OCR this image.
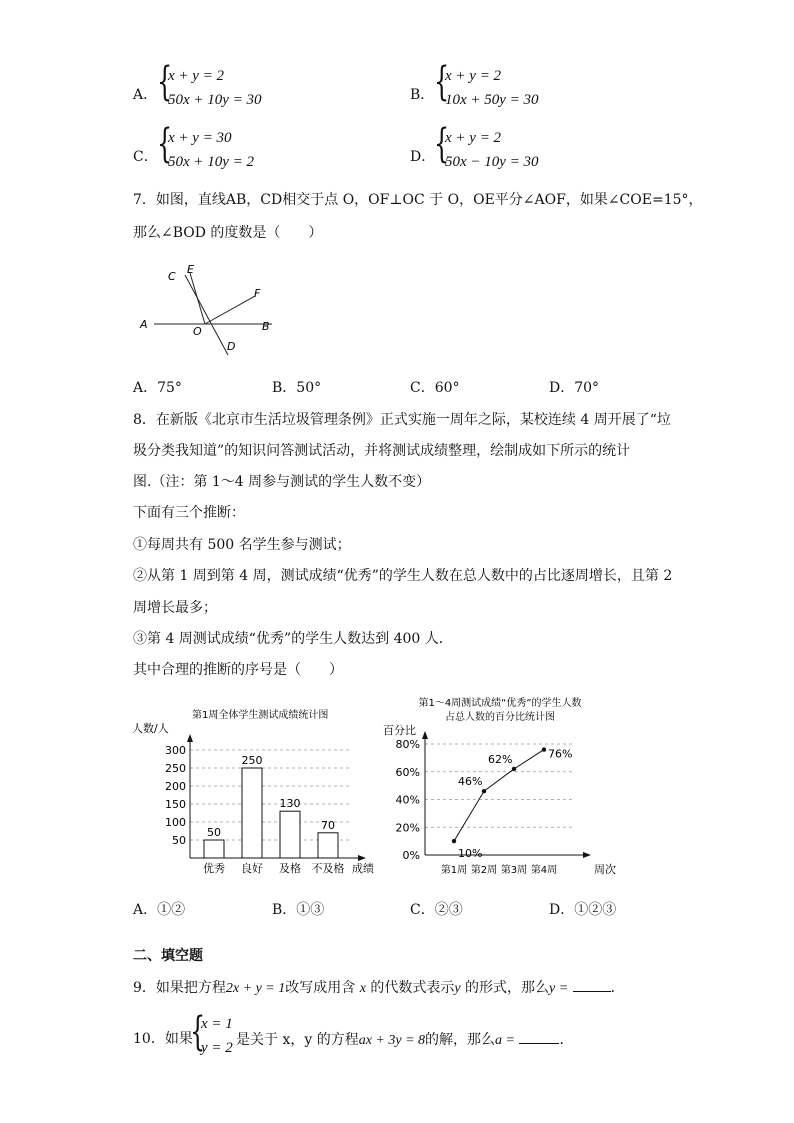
A． {
x + y = 2
50x + 10y = 30	B． {
x + y = 2
10x + 50y = 30
C． {
x + y = 30
50x + 10y = 2	D．
{
x + y = 2
50x − 10y = 30
7．如图，直线AB，CD相交于点 O，OF⊥OC 于 O，OE平分∠AOF，如果∠COE=15°，
那么∠BOD 的度数是（　　）
A	B
C
D
E
F
O
A．75°	B．50°	C．60°	D．70°
8．在新版《北京市生活垃圾管理条例》正式实施一周年之际，某校连续 4 周开展了“垃
圾分类我知道”的知识问答测试活动，并将测试成绩整理，绘制成如下所示的统计
图.（注：第 1～4 周参与测试的学生人数不变）
下面有三个推断：
①每周共有 500 名学生参与测试；
②从第 1 周到第 4 周，测试成绩“优秀”的学生人数在总人数中的占比逐周增长，且第 2
周增长最多；
③第 4 周测试成绩“优秀”的学生人数达到 400 人．
其中合理的推断的序号是（　　）
第1周全体学生测试成绩统计图
人数/人
成绩
50
100
150
200
250
300
50
优秀
250
良好
130
及格
70
不及格
第1～4周测试成绩“优秀”的学生人数
占总人数的百分比统计图
百分比
周次
0%
20%
40%
60%
80%
10%
第1周
46%
第2周
62%
第3周
76%
第4周
A．①②	B．①③	C．②③	D．①②③
二、填空题
9．如果把方程2x + y = 1改写成用含 x 的代数式表示y 的形式，那么y =	．
10．如果
{
x = 1
y = 2 是关于 x，y 的方程ax + 3y = 8的解，那么a =	．
